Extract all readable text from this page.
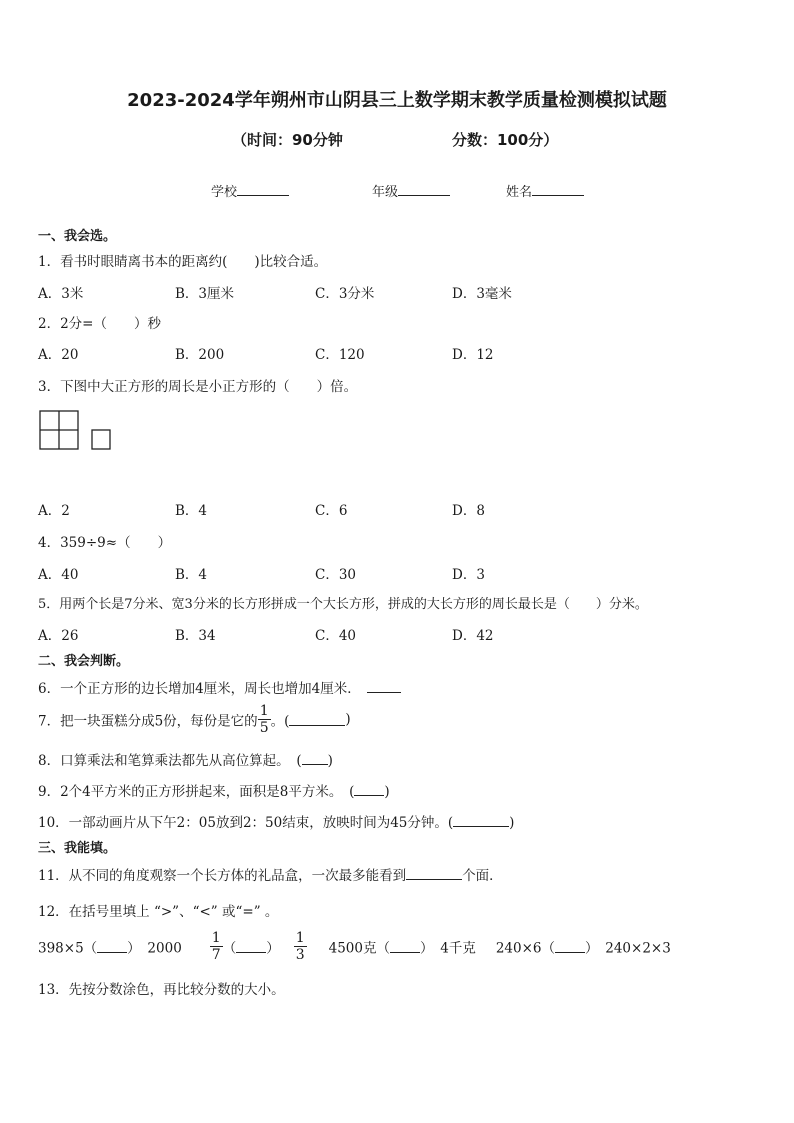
2023-2024学年朔州市山阴县三上数学期末教学质量检测模拟试题
（时间：90分钟	分数：100分）
学校	年级	姓名
一、我会选。
1．看书时眼睛离书本的距离约(　　)比较合适。
A．3米	B．3厘米	C．3分米	D．3毫米
2．2分=（　　）秒
A．20	B．200	C．120	D．12
3．下图中大正方形的周长是小正方形的（　　）倍。
A．2	B．4	C．6	D．8
4．359÷9≈（　　）
A．40	B．4	C．30	D．3
5．用两个长是7分米、宽3分米的长方形拼成一个大长方形，拼成的大长方形的周长最长是（　　）分米。
A．26	B．34	C．40	D．42
二、我会判断。
6．一个正方形的边长增加4厘米，周长也增加4厘米．
7．把一块蛋糕分成5份，每份是它的 $\frac{1}{5}$ 。(	)
8．口算乘法和笔算乘法都先从高位算起。　( )
9．2个4平方米的正方形拼起来，面积是8平方米。　( )
10．一部动画片从下午2：05放到2：50结束，放映时间为45分钟。(	)
三、我能填。
11．从不同的角度观察一个长方体的礼品盒，一次最多能看到	个面．
12．在括号里填上 “>”、“<” 或“=” 。
398×5（ ）　$2000 \frac{1}{7}$ （ ） $\frac{1}{3} 4500$克（ ）　4千克 240×6（ ）　240×2×3
13．先按分数涂色，再比较分数的大小。
